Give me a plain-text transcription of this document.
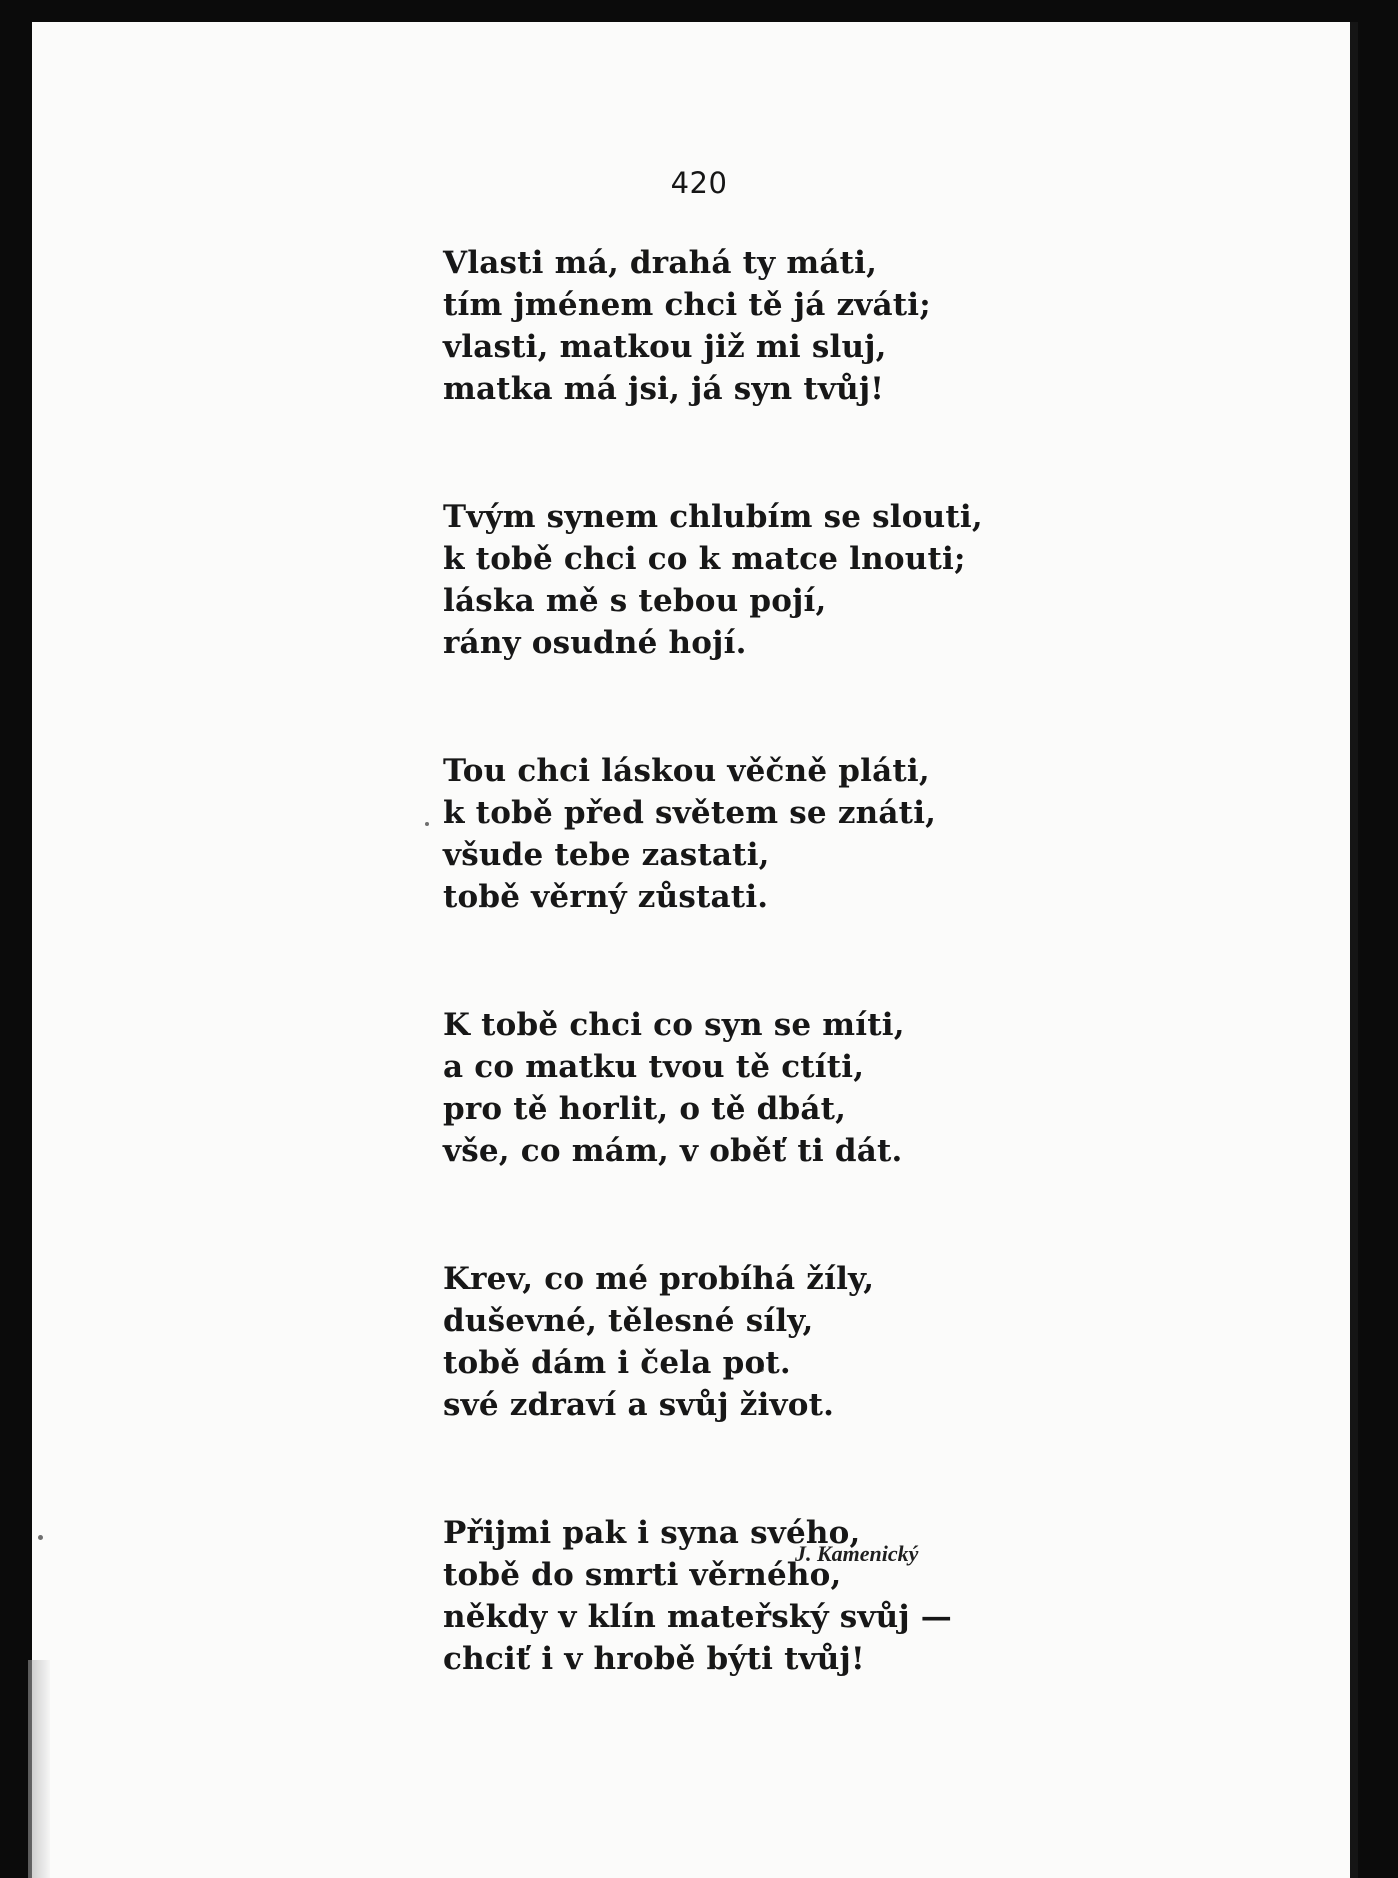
420
Vlasti má, drahá ty máti,
tím jménem chci tě já zváti;
vlasti, matkou již mi sluj,
matka má jsi, já syn tvůj!
Tvým synem chlubím se slouti,
k tobě chci co k matce lnouti;
láska mě s tebou pojí,
rány osudné hojí.
Tou chci láskou věčně pláti,
k tobě před světem se znáti,
všude tebe zastati,
tobě věrný zůstati.
K tobě chci co syn se míti,
a co matku tvou tě ctíti,
pro tě horlit, o tě dbát,
vše, co mám, v oběť ti dát.
Krev, co mé probíhá žíly,
duševné, tělesné síly,
tobě dám i čela pot.
své zdraví a svůj život.
Přijmi pak i syna svého,
tobě do smrti věrného,
někdy v klín mateřský svůj —
chciť i v hrobě býti tvůj!
J. Kamenický
